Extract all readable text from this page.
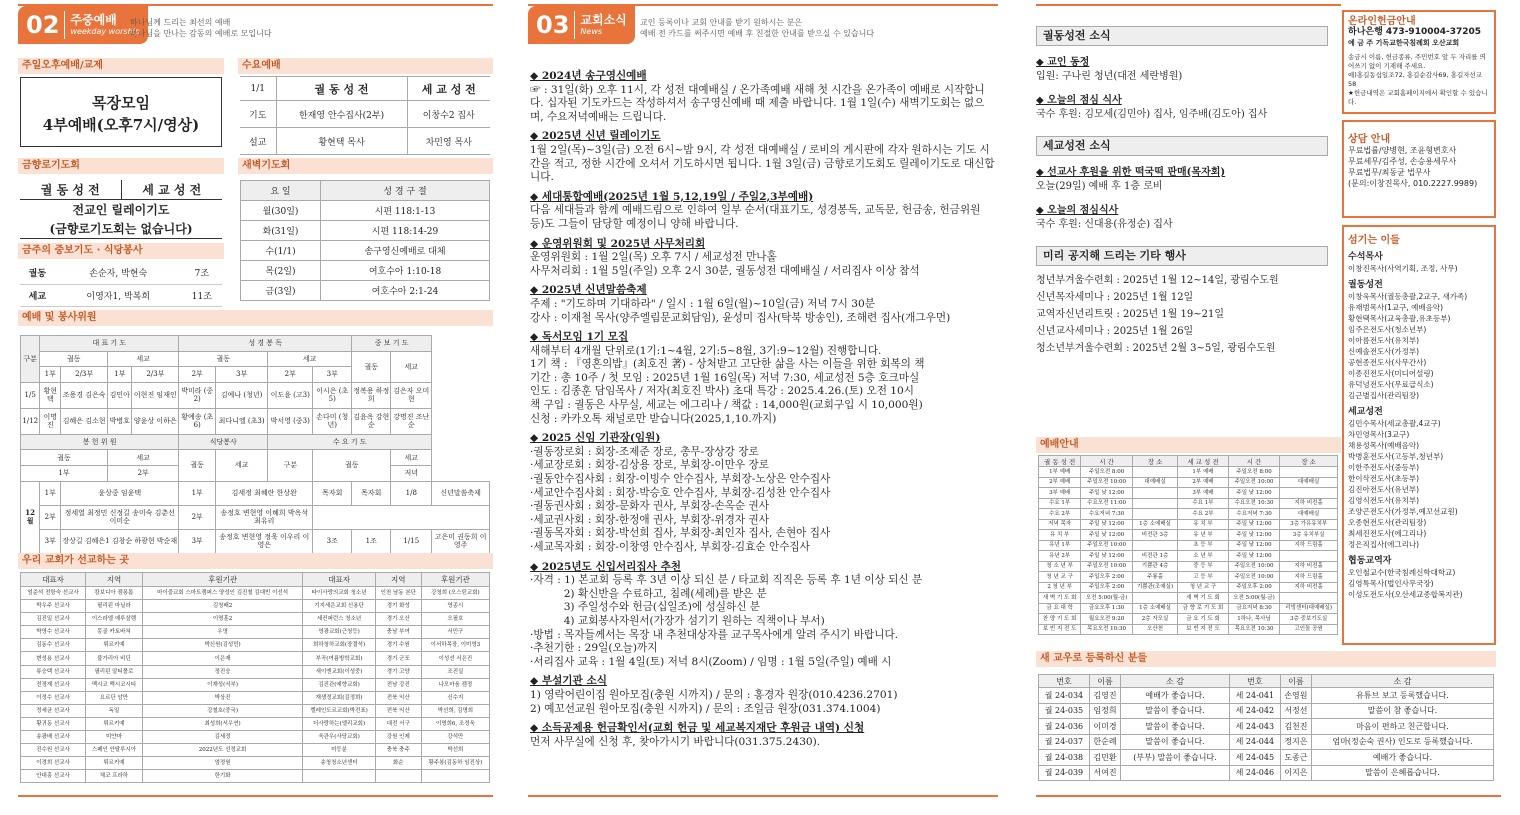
02 주중예배
weekday worship
하나님께 드리는 최선의 예배
하나님을 만나는 감동의 예배로 모입니다
주일오후예배/교제
목장모임
4부예배(오후7시/영상)
금향로기도회
궐 동 성 전	세 교 성 전
전교인 릴레이기도
(금향로기도회는 없습니다)
금주의 중보기도 · 식당봉사
궐동	손순자, 박현숙	7조
세교	이영자1, 박복희	11조
수요예배
1/1	궐 동 성 전	세 교 성 전
기도	한재영 안수집사(2부)	이창수2 집사
설교	황현택 목사	차민영 목사
새벽기도회
요 일	성 경 구 절
월(30일)	시편 118:1-13
화(31일)	시편 118:14-29
수(1/1)	송구영신예배로 대체
목(2일)	여호수아 1:10-18
금(3일)	여호수아 2:1-24
예배 및 봉사위원
구분	대 표 기 도				성 경 봉 독				중 보 기 도		
	궐동		세교		궐동		세교		궐동	세교	
	1부	2/3부	1부	2/3부	2부	3부	2부	3부			
1/5	황현택	조용경 김은숙	김민아	이현진 임재인	박미라 (중2)	김예나 (청년)	이도윤 (고3)	이시은 (초5)	정복용 하정희	김은자 오미현	
1/12	이명진	김혜은 김소현	박병호	양윤상 이하은	황예송 (초6)	최다니엘 (초3)	박서영 (중3)	손다미 (청년)	김윤옥 강현순	강명진 조난순	
봉 헌 위 원					식당봉사		수 요 기 도				
궐동			세교		궐동	세교	구분	궐동		세교	
1부			2부							저녁	
12월	1부	윤상중 임윤택			1부	김세정 최혜란 한상완		목자회	목자회	1/8	신년말씀축제
	2부	정세열 최정민 신정길 송미숙 김춘선 이미순			2부	송정호 변현영 이혜희 박옥석 최유리					
	3부	장상길 김혜은1 김창순 하광현 박순재			3부	송정호 변현영 정욱 이우리 이영은		3조	1조	1/15	고은미 권동희 이영주
우리 교회가 선교하는 곳
대표자	지역	후원기관	대표자	지역	후원기관
엄준석 전항숙 선교사	캄보디아 캠퐁톰	마이즐교회 스마트캠퍼스 양성인 김진철 김대빈 이선석	타이사랑의교회 청소년	인천 남동 본단	강청희 (오스틴교회)
박우주 선교사	필리핀 마닐라	김청배2	기지세은교회 신용단	경기 화성	영종시
김진일 선교사	이스라엘 예루살렘	이명훈2	세컨퍼런스 청소년	경기 오산	오필호
박영수 선교사	몽골 카토바쳐	우영	영광교회(근청등)	충남 부여	서민구
김동수 선교사	튀르키예	박신원(김성민)	희하청하교회(장결석)	경기 수원	이서하목장, 이미영3
변성용 선교사	불가리아 비딘	이은재	부곡(여름방학교회)	경기 군포	이성선 서은진
류승택 선교사	필리핀 알티폴로	정진숭	새이엔교회(이성중)	경기 고양	조진실
전정재 선교사	멕시코 멕시코시티	이재성(서부)	김진관(예향교회)	전남 강진	나모마움 캠정
이정수 선교사	요르단 암만	박상진	재생정교회(김정희)	전북 익산	신수지
정세균 선교사	독일	강철호(중국)	렐레인도르교회(박전표)	전북 익산	박선희, 김명희
황귀동 선교사	튀르키예	최성희(서우연)	더사랑하는(엘리교회)	대전 서구	이명희6, 조정욱
송광배 선교사	미얀마	김세정	욱관우(사당교회)	강원 인제	강석만
진수원 선교사	스페인 안탈루시아	2022년도 선정교회	미등분	충북 충주	박선희
이경희 선교사	튀르키예	엄정원	송청청소년센터	화순	황주봉(김동하 임진상)
안대흥 선교사	체코 프라하	한기화			
03 교회소식
News
교인 등록이나 교회 안내를 받기 원하시는 분은
예배 전 카드를 써주시면 예배 후 친절한 안내를 받으실 수 있습니다
◆ 2024년 송구영신예배
☞ : 31일(화) 오후 11시, 각 성전 대예배실 / 온가족예배 새해 첫 시간을 온가족이 예배로 시작합니다. 십자된 기도카드는 작성하셔서 송구영신예배 때 제출 바랍니다. 1월 1일(수) 새벽기도회는 없으며, 수요저녁예배는 드립니다.
◆ 2025년 신년 릴레이기도
1월 2일(목)~3일(금) 오전 6시~밤 9시, 각 성전 대예배실 / 로비의 게시판에 각자 원하시는 기도 시간을 적고, 정한 시간에 오셔서 기도하시면 됩니다. 1월 3일(금) 금향로기도회도 릴레이기도로 대신합니다.
◆ 세대통합예배(2025년 1월 5,12,19일 / 주일2,3부예배)
다음 세대들과 함께 예배드림으로 인하여 일부 순서(대표기도, 성경봉독, 교독문, 헌금송, 헌금위원 등)도 그들이 담당할 예정이니 양해 바랍니다.
◆ 운영위원회 및 2025년 사무처리회
운영위원회 : 1월 2일(목) 오후 7시 / 세교성전 만나홀
사무처리회 : 1월 5일(주일) 오후 2시 30분, 궐동성전 대예배실 / 서리집사 이상 참석
◆ 2025년 신년말씀축제
주제 : "기도하며 기대하라" / 일시 : 1월 6일(월)~10일(금) 저녁 7시 30분
강사 : 이재철 목사(양주엘림문교회담임), 윤성미 집사(탁북 방송인), 조해련 집사(개그우먼)
◆ 독서모임 1기 모집
새해부터 4개월 단위로(1기:1~4월, 2기:5~8월, 3기:9~12월) 진행합니다.
1기 책 : 『영혼의밥』(최호진 著) - 상처받고 고단한 삶을 사는 이들을 위한 회복의 책
기간 : 총 10주 / 첫 모임 : 2025년 1월 16일(목) 저녁 7:30, 세교성전 5층 호크마실
인도 : 김종훈 담임목사 / 저자(최호진 박사) 초대 특강 : 2025.4.26.(토) 오전 10시
책 구입 : 궐동은 사무실, 세교는 에그리나 / 책값 : 14,000원(교회구입 시 10,000원)
신청 : 카카오톡 채널로만 받습니다(2025,1,10.까지)
◆ 2025 신임 기관장(임원)
·궐동장로회 : 회장-조제준 장로, 총무-장상강 장로
·세교장로회 : 회장-김상용 장로, 부회장-이만우 장로
·궐동안수집사회 : 회장-이빙수 안수집사, 부회장-노상은 안수집사
·세교안수집사회 : 회장-박승호 안수집사, 부회장-김성찬 안수집사
·궐동권사회 : 회장-문화자 권사, 부회장-손옥순 권사
·세교권사회 : 회장-한정애 권사, 부회장-위경자 권사
·궐동목자회 : 회장-박선희 집사, 부회장-최인자 집사, 손현아 집사
·세교목자회 : 회장-이창영 안수집사, 부회장-김효순 안수집사
◆ 2025년도 신입서리집사 추천
·자격 : 1) 본교회 등록 후 3년 이상 되신 분 / 타교회 직직은 등록 후 1년 이상 되신 분
2) 확신반을 수료하고, 침례(세례)를 받은 분
3) 주일성수와 헌금(십일조)에 성실하신 분
4) 교회봉사자원서(가장가 섬기기 원하는 직책이나 부서)
·방법 : 목자들께서는 목장 내 추천대상자를 교구목사에게 알려 주시기 바랍니다.
·추천기한 : 29일(오늘)까지
·서리집사 교육 : 1월 4일(토) 저녁 8시(Zoom) / 임명 : 1월 5일(주일) 예배 시
◆ 부설기관 소식
1) 영락어린이집 원아모집(충원 시까지) / 문의 : 홍경자 원장(010.4236.2701)
2) 예꼬선교원 원아모집(충원 시까지) / 문의 : 조일금 원장(031.374.1004)
◆ 소득공제용 헌금확인서(교회 헌금 및 세교복지재단 후원금 내역) 신청
먼저 사무실에 신청 후, 찾아가시기 바랍니다(031.375.2430).
궐동성전 소식
◆ 교인 동정
입원: 구나린 청년(대전 세란병원)
◆ 오늘의 점심 식사
국수 후원: 김모세(김민아) 집사, 임주배(김도아) 집사
세교성전 소식
◆ 선교사 후원을 위한 떡국떡 판매(목자회)
오늘(29일) 예배 후 1층 로비
◆ 오늘의 점심식사
국수 후원: 신대용(유정순) 집사
미리 공지해 드리는 기타 행사
청년부겨울수련회 : 2025년 1월 12~14일, 광림수도원
신년목자세미나 : 2025년 1월 12일
교역자신년리트릿 : 2025년 1월 19~21일
신년교사세미나 : 2025년 1월 26일
청소년부겨울수련회 : 2025년 2월 3~5일, 광림수도원
예배안내
궐 동 성 전	시 간	장 소	세 교 성 전	시 간	장 소
1부 예배	주일오전 8:00		1부 예배	주일오전 8:00	
2부 예배	주일오전 10:00	대예배실	2부 예배	주일오전 10:00	대예배실
3부 예배	주일 낮 12:00		3부 예배	주일 낮 12:00	
수요 1부	수요오전 11:00		수요 1부	수요오전 10:30	지하 비전홀
수요 2부	수요저녁 7:30		수요 2부	수요저녁 7:30	대예배실
저녁 목자	주일 낮 12:00	1층 소예배실	유 치 부	주일 낮 12:00	3층 가유유치부
유 치 부	주일 낮 12:00	비전관 3층	유 년 부	주일 낮 12:00	3층 유치부실
유년 1부	주일오전 10:00		초 등 부	주일 낮 12:00	지하 드림홀
유년 2부	주일 낮 12:00	비전관 1층	소 년 부	주일 낮 12:00	
청 소 년 부	주일오전 10:00	기쁨관 4층	중 등 부	주일오전 10:00	지하 비전홀
청 년 교 구	주일오후 2:00	주룡홀	고 등 부	주일오전 10:00	지하 드림홀
2 청 년 부	주일오후 2:00	기쁨관(조예실)	청 년 교 구	주일오후 2:00	지하 비전홀
새 벽 기 도 회	오전 5:00(월-금)		새 벽 기 도 회	오전 5:00(월-금)	
금 요 대 학	금요오후 1:30	1층 소예배실	금 향 로 기 도 회	금요저녁 8:30	리빙센터(대예배실)
찬 양 기 도 회	월요오전 9:20	2층 자모실	금 요 기 도 회	1하나, 목사님	3층 중보기도실
보 빈 지 전 도	목요오전 10:30	오산천	보 빈 지 전 도	목요오전 10:30	고인돌 공원
새 교우로 등록하신 분들
번호	이름	소 감	번호	이름	소 감
궐 24-034	김영진	예배가 좋습니다.	세 24-041	손영원	유튜브 보고 등록했습니다.
궐 24-035	임정희	말씀이 좋습니다.	세 24-042	서정선	말씀이 참 좋습니다.
궐 24-036	이미경	말씀이 좋습니다.	세 24-043	김천진	마음이 편하고 친근합니다.
궐 24-037	한순례	말씀이 좋습니다.	세 24-044	정지은	엄마(정순숙 권사) 인도로 등록했습니다.
궐 24-038	김민환	(부부) 말씀이 좋습니다.	세 24-045	도종근	예배가 좋습니다.
궐 24-039	서여진		세 24-046	이지은	말씀이 은혜롭습니다.
온라인헌금안내
하나은행 473-910004-37205
예 금 주 기독교한국침례회 오산교회
송금시 이름, 헌금종류, 주민번호 앞 두 자리를 띄어쓰기 없이 기재해 주세요.
예)홍길동십일조72, 홍길순감사69, 홍길자선교58
★헌금내역은 교회홈페이지에서 확인할 수 있습니다.
상담 안내
무료법률/양병현, 조윤형변호사
무료세무/김주성, 손승용세무사
무료법무/최동균 법무사
(문의:이창진목사, 010.2227.9989)
섬기는 이들
수석목사
이창진목사(사역기획, 조정, 사무)
궐동성전
이창욱목사(궐동총괄,2교구, 새가족)
유재범목사(1교구, 예배음악)
황현택목사(교육총괄,유초등부)
임주은전도사(청소년부)
이아름전도사(유치부)
신예솔전도사(가정부)
공현종전도사(사무간사)
이종진전도사(미디어설링)
유덕녕전도사(무료급식소)
김근별집사(관리팀장)
세교성전
김민수목사(세교총괄,4교구)
차민영목사(3교구)
채용성목사(예배음악)
박병훈전도사(고등부,청년부)
이한주전도사(중등부)
한이삭전도사(초등부)
김진아전도사(유년부)
김영식전도사(유치부)
조양곤전도사(가정부,예꼬선교원)
오종현전도사(관리팀장)
최세진전도사(에그리나)
정은직집사(에그리나)
협동교역자
오인철교수(한국침례신학대학교)
김영특목사(법인사무국장)
이성도전도사(오산세교종합복지관)
